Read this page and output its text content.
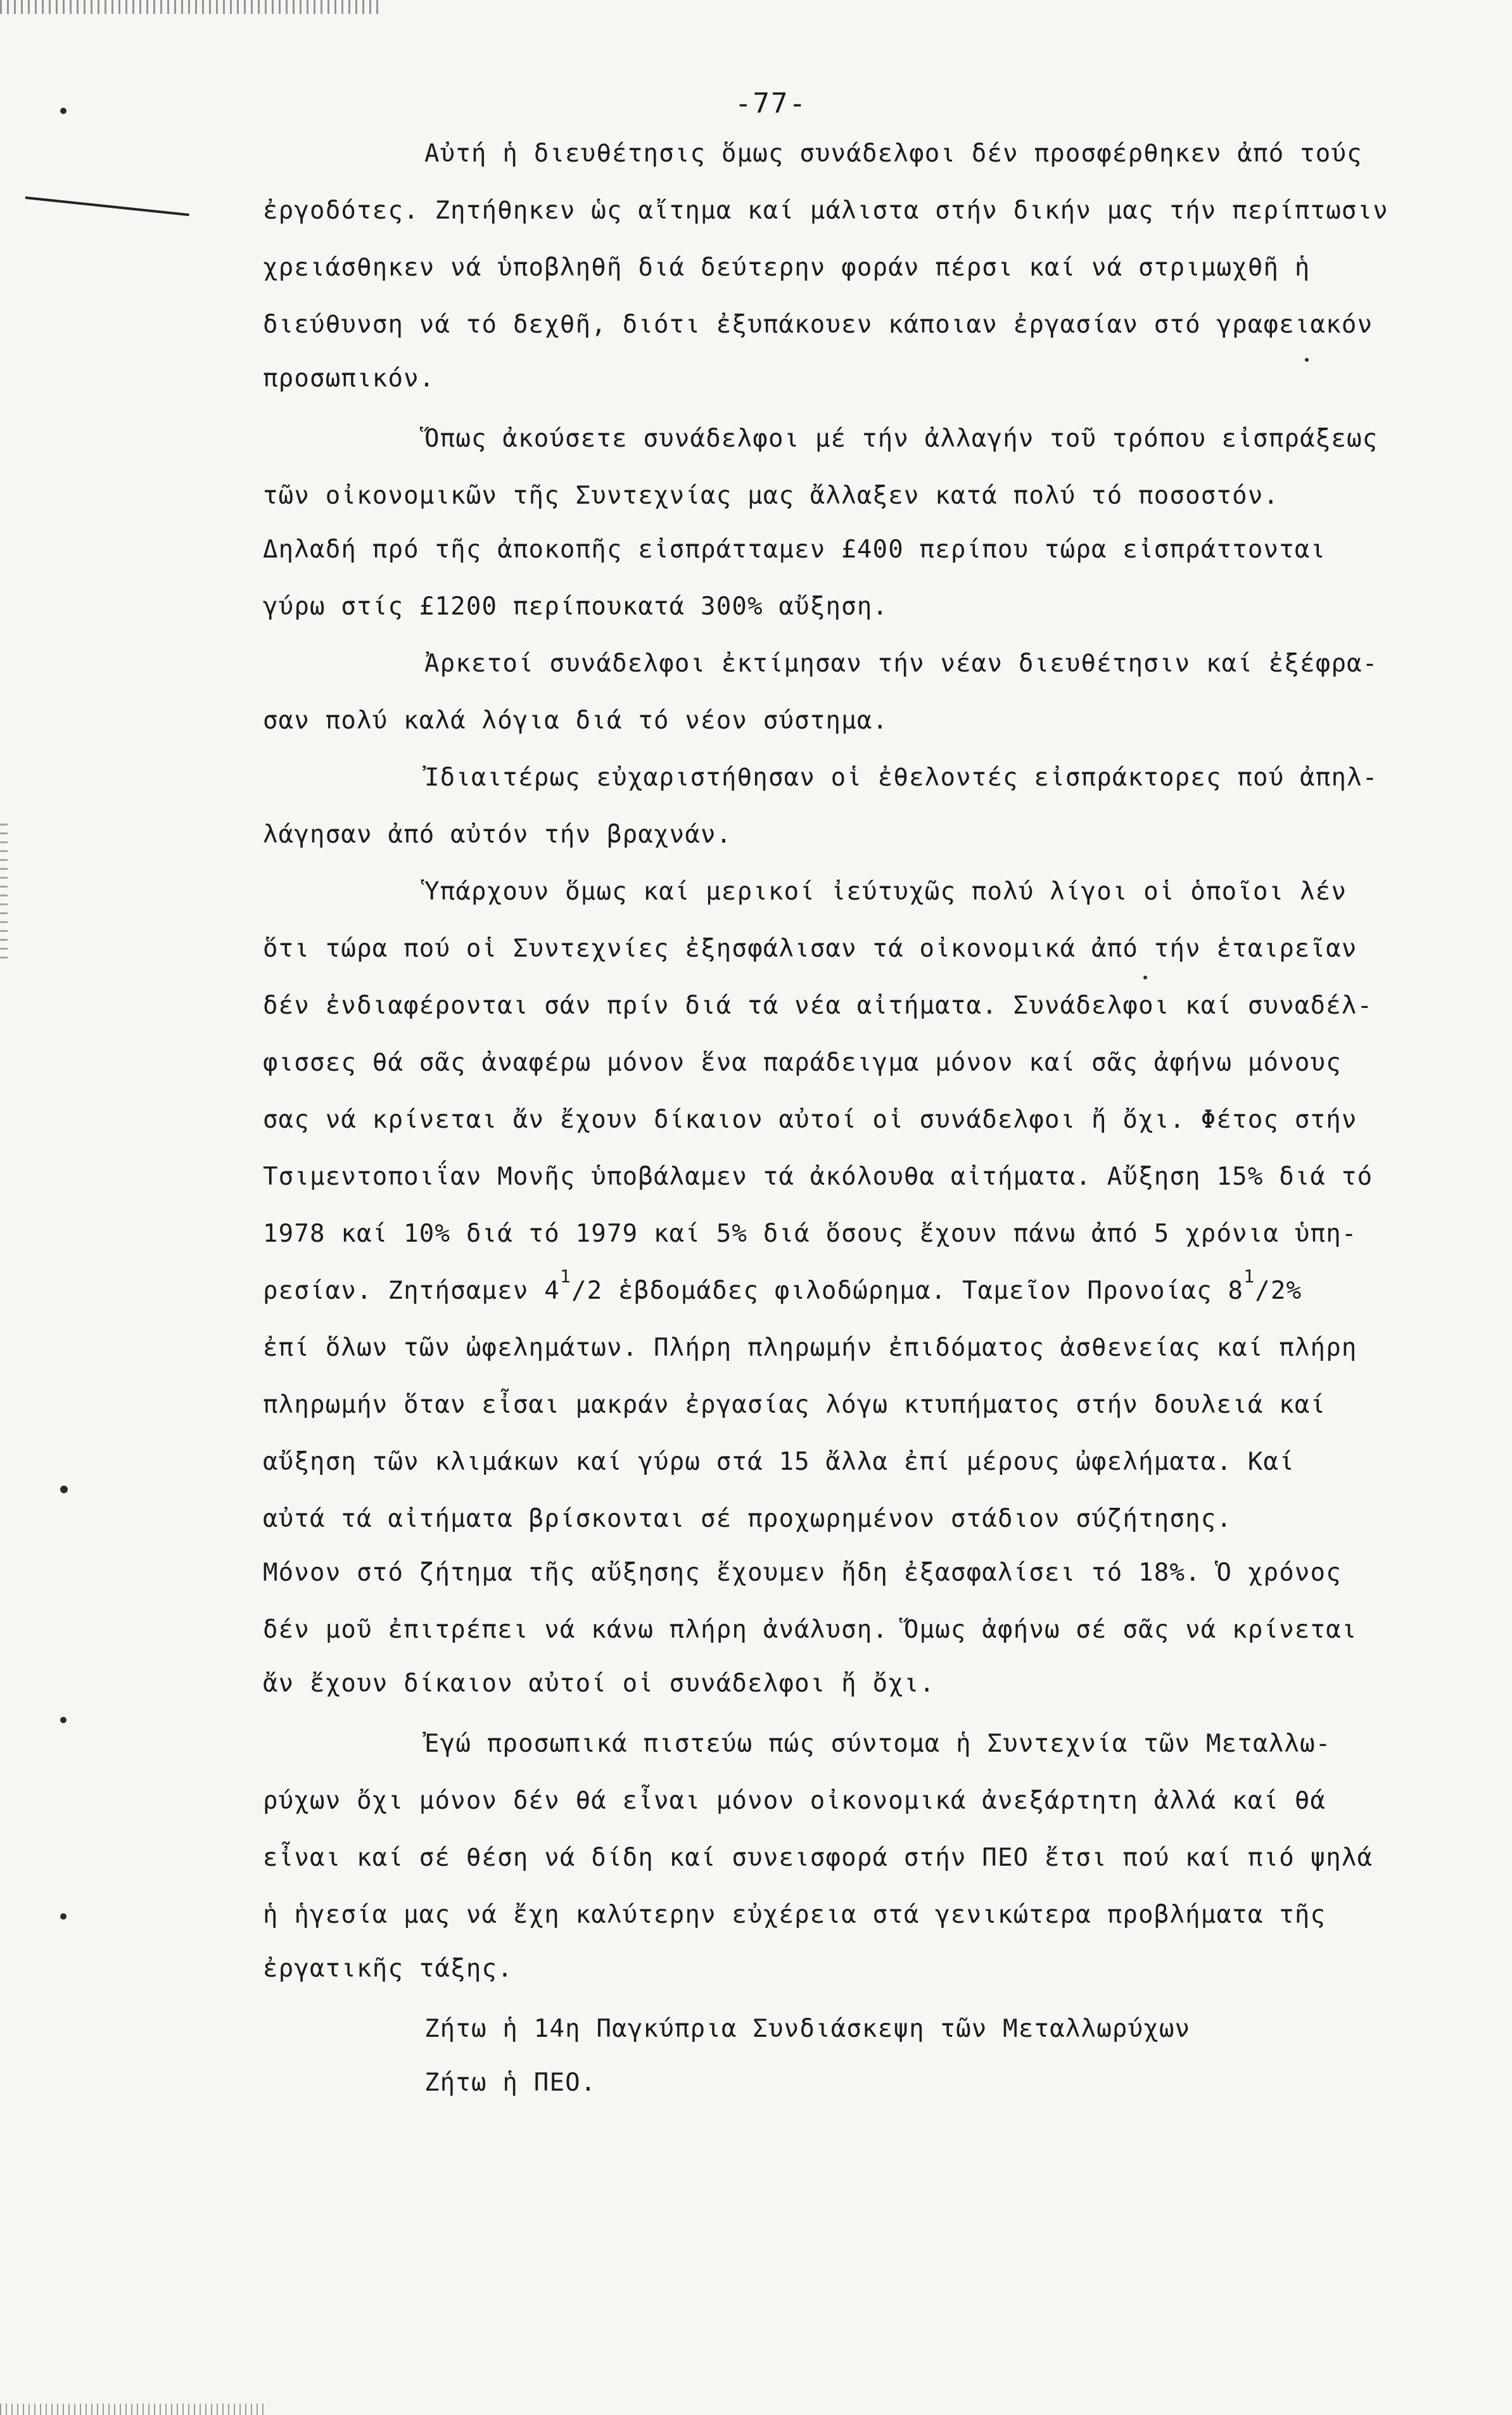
-77-
Αὐτή ἡ διευθέτησις ὅμως συνάδελφοι δέν προσφέρθηκεν ἀπό τούς
ἐργοδότες. Ζητήθηκεν ὡς αἴτημα καί μάλιστα στήν δικήν μας τήν περίπτωσιν
χρειάσθηκεν νά ὑποβληθῆ διά δεύτερην φοράν πέρσι καί νά στριμωχθῆ ἡ
διεύθυνση νά τό δεχθῆ, διότι ἐξυπάκουεν κάποιαν ἐργασίαν στό γραφειακόν
προσωπικόν.
Ὅπως ἀκούσετε συνάδελφοι μέ τήν ἀλλαγήν τοῦ τρόπου εἰσπράξεως
τῶν οἰκονομικῶν τῆς Συντεχνίας μας ἄλλαξεν κατά πολύ τό ποσοστόν.
Δηλαδή πρό τῆς ἀποκοπῆς εἰσπράτταμεν £400 περίπου τώρα εἰσπράττονται
γύρω στίς £1200 περίπουκατά 300% αὔξηση.
Ἀρκετοί συνάδελφοι ἐκτίμησαν τήν νέαν διευθέτησιν καί ἐξέφρα-
σαν πολύ καλά λόγια διά τό νέον σύστημα.
Ἰδιαιτέρως εὐχαριστήθησαν οἱ ἐθελοντές εἰσπράκτορες πού ἀπηλ-
λάγησαν ἀπό αὐτόν τήν βραχνάν.
Ὑπάρχουν ὅμως καί μερικοί ἰεύτυχῶς πολύ λίγοι οἱ ὁποῖοι λέν
ὅτι τώρα πού οἱ Συντεχνίες ἐξησφάλισαν τά οἰκονομικά ἀπό τήν ἑταιρεῖαν
δέν ἐνδιαφέρονται σάν πρίν διά τά νέα αἰτήματα. Συνάδελφοι καί συναδέλ-
φισσες θά σᾶς ἀναφέρω μόνον ἕνα παράδειγμα μόνον καί σᾶς ἀφήνω μόνους
σας νά κρίνεται ἄν ἔχουν δίκαιον αὐτοί οἱ συνάδελφοι ἤ ὄχι. Φέτος στήν
Τσιμεντοποιΐαν Μονῆς ὑποβάλαμεν τά ἀκόλουθα αἰτήματα. Αὔξηση 15% διά τό
1978 καί 10% διά τό 1979 καί 5% διά ὅσους ἔχουν πάνω ἀπό 5 χρόνια ὑπη-
ρεσίαν. Ζητήσαμεν $4^1/2$ ἑβδομάδες φιλοδώρημα. Ταμεῖον Προνοίας $8^1/2\%$
ἐπί ὅλων τῶν ὠφελημάτων. Πλήρη πληρωμήν ἐπιδόματος ἀσθενείας καί πλήρη
πληρωμήν ὅταν εἶσαι μακράν ἐργασίας λόγω κτυπήματος στήν δουλειά καί
αὔξηση τῶν κλιμάκων καί γύρω στά 15 ἄλλα ἐπί μέρους ὠφελήματα. Καί
αὐτά τά αἰτήματα βρίσκονται σέ προχωρημένον στάδιον σύζήτησης.
Μόνον στό ζήτημα τῆς αὔξησης ἔχουμεν ἤδη ἐξασφαλίσει τό 18%. Ὁ χρόνος
δέν μοῦ ἐπιτρέπει νά κάνω πλήρη ἀνάλυση. Ὅμως ἀφήνω σέ σᾶς νά κρίνεται
ἄν ἔχουν δίκαιον αὐτοί οἱ συνάδελφοι ἤ ὄχι.
Ἐγώ προσωπικά πιστεύω πώς σύντομα ἡ Συντεχνία τῶν Μεταλλω-
ρύχων ὄχι μόνον δέν θά εἶναι μόνον οἰκονομικά ἀνεξάρτητη ἀλλά καί θά
εἶναι καί σέ θέση νά δίδη καί συνεισφορά στήν ΠΕΟ ἔτσι πού καί πιό ψηλά
ἡ ἡγεσία μας νά ἔχη καλύτερην εὐχέρεια στά γενικώτερα προβλήματα τῆς
ἐργατικῆς τάξης.
Ζήτω ἡ 14η Παγκύπρια Συνδιάσκεψη τῶν Μεταλλωρύχων
Ζήτω ἡ ΠΕΟ.
